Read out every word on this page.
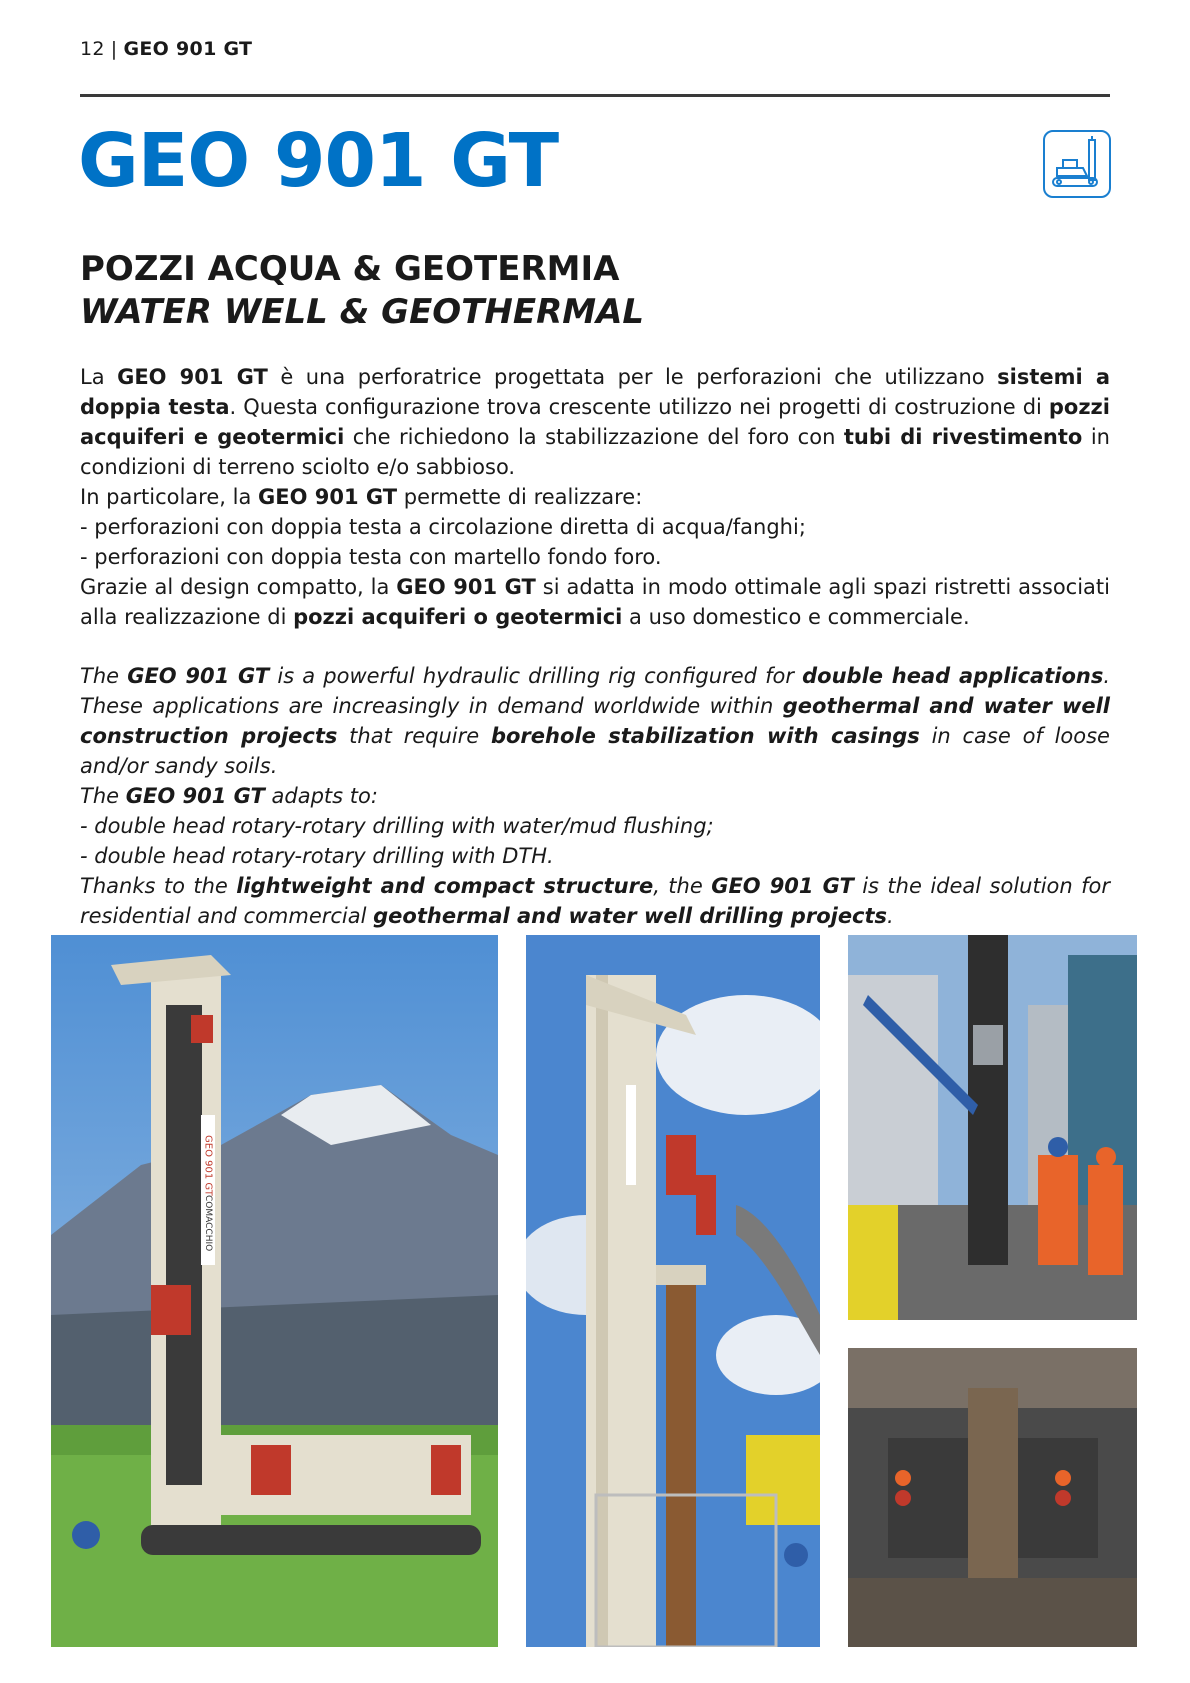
12 | GEO 901 GT
GEO 901 GT
POZZI ACQUA & GEOTERMIA
WATER WELL & GEOTHERMAL

La GEO 901 GT è una perforatrice progettata per le perforazioni che utilizzano sistemi a doppia testa. Questa configurazione trova crescente utilizzo nei progetti di costruzione di pozzi acquiferi e geotermici che richiedono la stabilizzazione del foro con tubi di rivestimento in condizioni di terreno sciolto e/o sabbioso.

In particolare, la GEO 901 GT permette di realizzare:

- perforazioni con doppia testa a circolazione diretta di acqua/fanghi;

- perforazioni con doppia testa con martello fondo foro.

Grazie al design compatto, la GEO 901 GT si adatta in modo ottimale agli spazi ristretti associati alla realizzazione di pozzi acquiferi o geotermici a uso domestico e commerciale.

The GEO 901 GT is a powerful hydraulic drilling rig configured for double head applications. These applications are increasingly in demand worldwide within geothermal and water well construction projects that require borehole stabilization with casings in case of loose and/or sandy soils.

The GEO 901 GT adapts to:

- double head rotary-rotary drilling with water/mud flushing;

- double head rotary-rotary drilling with DTH.

Thanks to the lightweight and compact structure, the GEO 901 GT is the ideal solution for residential and commercial geothermal and water well drilling projects.

GEO 901 GT
COMACCHIO
